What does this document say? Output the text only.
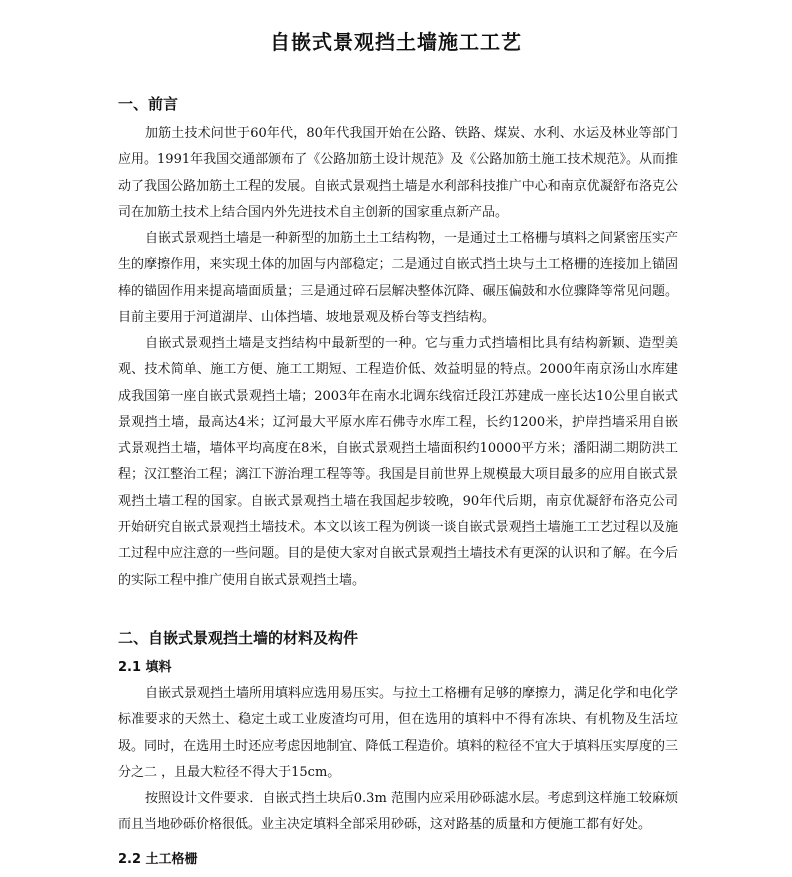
自嵌式景观挡土墙施工工艺
一、前言

加筋土技术问世于60年代，80年代我国开始在公路、铁路、煤炭、水利、水运及林业等部门应用。1991年我国交通部颁布了《公路加筋土设计规范》及《公路加筋土施工技术规范》。从而推动了我国公路加筋土工程的发展。自嵌式景观挡土墙是水利部科技推广中心和南京优凝舒布洛克公司在加筋土技术上结合国内外先进技术自主创新的国家重点新产品。

自嵌式景观挡土墙是一种新型的加筋土土工结构物，一是通过土工格栅与填料之间紧密压实产生的摩擦作用，来实现土体的加固与内部稳定；二是通过自嵌式挡土块与土工格栅的连接加上锚固棒的锚固作用来提高墙面质量；三是通过碎石层解决整体沉降、碾压偏鼓和水位骤降等常见问题。目前主要用于河道湖岸、山体挡墙、坡地景观及桥台等支挡结构。

自嵌式景观挡土墙是支挡结构中最新型的一种。它与重力式挡墙相比具有结构新颖、造型美观、技术简单、施工方便、施工工期短、工程造价低、效益明显的特点。2000年南京汤山水库建成我国第一座自嵌式景观挡土墙；2003年在南水北调东线宿迁段江苏建成一座长达10公里自嵌式景观挡土墙，最高达4米；辽河最大平原水库石佛寺水库工程，长约1200米，护岸挡墙采用自嵌式景观挡土墙，墙体平均高度在8米，自嵌式景观挡土墙面积约10000平方米；潘阳湖二期防洪工程；汉江整治工程；漓江下游治理工程等等。我国是目前世界上规模最大项目最多的应用自嵌式景观挡土墙工程的国家。自嵌式景观挡土墙在我国起步较晚，90年代后期，南京优凝舒布洛克公司开始研究自嵌式景观挡土墙技术。本文以该工程为例谈一谈自嵌式景观挡土墙施工工艺过程以及施工过程中应注意的一些问题。目的是使大家对自嵌式景观挡土墙技术有更深的认识和了解。在今后的实际工程中推广使用自嵌式景观挡土墙。

二、自嵌式景观挡土墙的材料及构件
2.1 填料

自嵌式景观挡土墙所用填料应选用易压实。与拉土工格栅有足够的摩擦力，满足化学和电化学标准要求的天然土、稳定土或工业废渣均可用，但在选用的填料中不得有冻块、有机物及生活垃圾。同时，在选用土时还应考虑因地制宜、降低工程造价。填料的粒径不宜大于填料压实厚度的三分之二 ，且最大粒径不得大于15cm。

按照设计文件要求．自嵌式挡土块后0.3m 范围内应采用砂砾滤水层。考虑到这样施工较麻烦而且当地砂砾价格很低。业主决定填料全部采用砂砾，这对路基的质量和方便施工都有好处。

2.2 土工格栅
